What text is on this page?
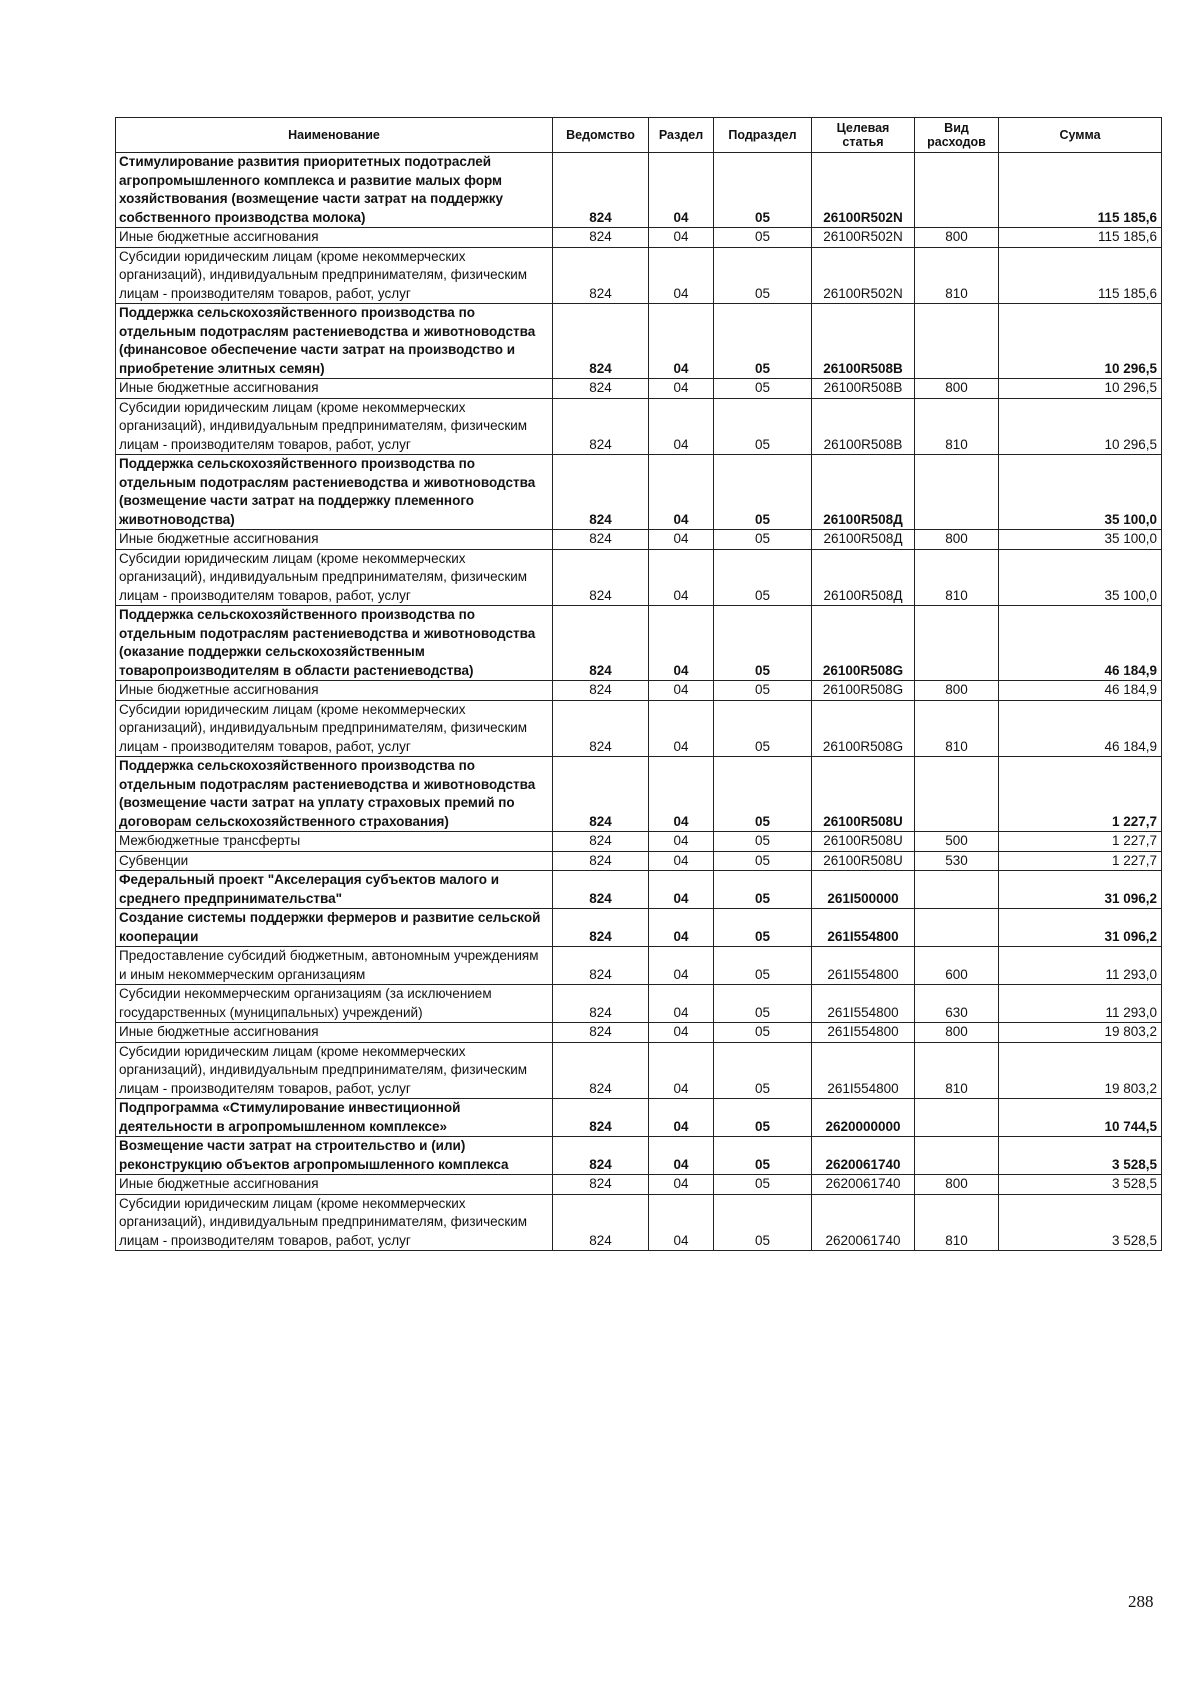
Наименование	Ведомство	Раздел	Подраздел	Целевая статья	Вид расходов	Сумма
Стимулирование развития приоритетных подотраслей агропромышленного комплекса и развитие малых форм хозяйствования (возмещение части затрат на поддержку собственного производства молока)	824	04	05	26100R502N		115 185,6
Иные бюджетные ассигнования	824	04	05	26100R502N	800	115 185,6
Субсидии юридическим лицам (кроме некоммерческих организаций), индивидуальным предпринимателям, физическим лицам - производителям товаров, работ, услуг	824	04	05	26100R502N	810	115 185,6
Поддержка сельскохозяйственного производства по отдельным подотраслям растениеводства и животноводства (финансовое обеспечение части затрат на производство и приобретение элитных семян)	824	04	05	26100R508B		10 296,5
Иные бюджетные ассигнования	824	04	05	26100R508B	800	10 296,5
Субсидии юридическим лицам (кроме некоммерческих организаций), индивидуальным предпринимателям, физическим лицам - производителям товаров, работ, услуг	824	04	05	26100R508B	810	10 296,5
Поддержка сельскохозяйственного производства по отдельным подотраслям растениеводства и животноводства (возмещение части затрат на поддержку племенного животноводства)	824	04	05	26100R508Д		35 100,0
Иные бюджетные ассигнования	824	04	05	26100R508Д	800	35 100,0
Субсидии юридическим лицам (кроме некоммерческих организаций), индивидуальным предпринимателям, физическим лицам - производителям товаров, работ, услуг	824	04	05	26100R508Д	810	35 100,0
Поддержка сельскохозяйственного производства по отдельным подотраслям растениеводства и животноводства (оказание поддержки сельскохозяйственным товаропроизводителям в области растениеводства)	824	04	05	26100R508G		46 184,9
Иные бюджетные ассигнования	824	04	05	26100R508G	800	46 184,9
Субсидии юридическим лицам (кроме некоммерческих организаций), индивидуальным предпринимателям, физическим лицам - производителям товаров, работ, услуг	824	04	05	26100R508G	810	46 184,9
Поддержка сельскохозяйственного производства по отдельным подотраслям растениеводства и животноводства (возмещение части затрат на уплату страховых премий по договорам сельскохозяйственного страхования)	824	04	05	26100R508U		1 227,7
Межбюджетные трансферты	824	04	05	26100R508U	500	1 227,7
Субвенции	824	04	05	26100R508U	530	1 227,7
Федеральный проект "Акселерация субъектов малого и среднего предпринимательства"	824	04	05	261I500000		31 096,2
Создание системы поддержки фермеров и развитие сельской кооперации	824	04	05	261I554800		31 096,2
Предоставление субсидий бюджетным, автономным учреждениям и иным некоммерческим организациям	824	04	05	261I554800	600	11 293,0
Субсидии некоммерческим организациям (за исключением государственных (муниципальных) учреждений)	824	04	05	261I554800	630	11 293,0
Иные бюджетные ассигнования	824	04	05	261I554800	800	19 803,2
Субсидии юридическим лицам (кроме некоммерческих организаций), индивидуальным предпринимателям, физическим лицам - производителям товаров, работ, услуг	824	04	05	261I554800	810	19 803,2
Подпрограмма «Стимулирование инвестиционной деятельности в агропромышленном комплексе»	824	04	05	2620000000		10 744,5
Возмещение части затрат на строительство и (или) реконструкцию объектов агропромышленного комплекса	824	04	05	2620061740		3 528,5
Иные бюджетные ассигнования	824	04	05	2620061740	800	3 528,5
Субсидии юридическим лицам (кроме некоммерческих организаций), индивидуальным предпринимателям, физическим лицам - производителям товаров, работ, услуг	824	04	05	2620061740	810	3 528,5
288
